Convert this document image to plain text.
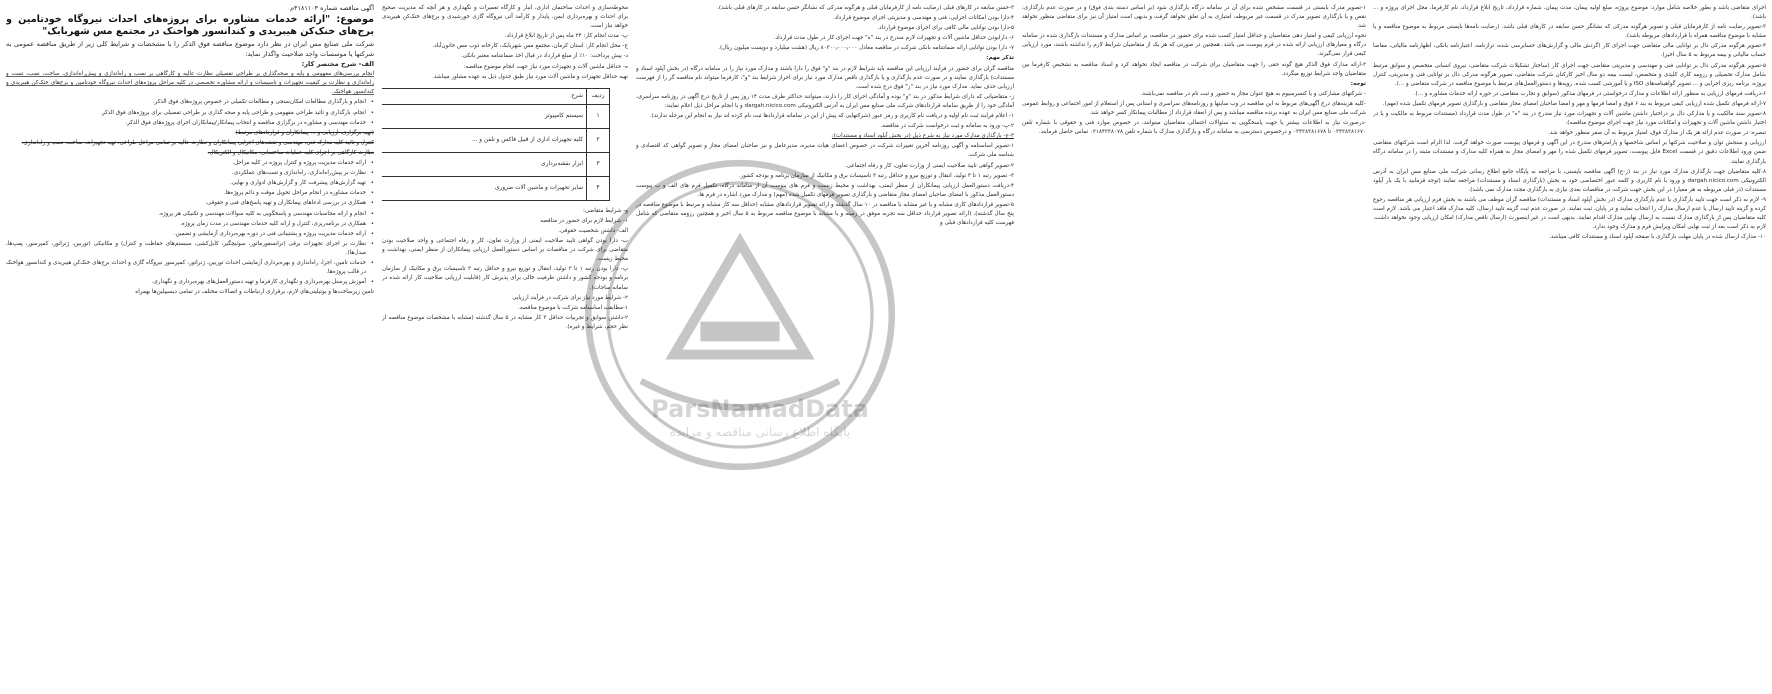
ParsNamadData
پایگاه اطلاع رسانی مناقصه و مزایده

اجرای متقاضی باشد و بطور خلاصه شامل موارد: موضوع پروژه، مبلغ اولیه پیمان، مدت پیمان، شماره قرارداد، تاریخ ابلاغ قرارداد، نام کارفرما، محل اجرای پروژه و ... باشد).

۳-تصویر رضایت نامه از کارفرمایان قبلی و تصویر هرگونه مدرکی که نشانگر حسن سابقه در کارهای قبلی باشد. (رضایت نامه‌ها بایستی مربوط به موضوع مناقصه و یا مشابه با موضوع مناقصه همراه با قراردادهای مربوطه باشد).

۴-تصویر هرگونه مدرکی دال بر توانایی مالی متقاضی جهت اجرای کار (گردش مالی و گزارش‌های حسابرسی شده، ترازنامه، اعتبارنامه بانکی، اظهارنامه مالیاتی، مفاصا حساب مالیاتی و بیمه مربوط به ۵ سال اخیر).

۵-تصویر هرگونه مدرکی دال بر توانایی فنی و مهندسی و مدیریتی متقاضی جهت اجرای کار (ساختار تشکیلات شرکت متقاضی، نیروی انسانی متخصص و سوابق مرتبط شامل مدارک تحصیلی و رزومه کاری کلیدی و متخصص، لیست بیمه دو سال اخیر کارکنان شرکت متقاضی، تصویر هرگونه مدرکی دال بر توانایی فنی و مدیریتی، کنترل پروژه، برنامه ریزی اجرایی و ... تصویر گواهینامه‌های ISO و یا آموزشی کسب شده، رویه‌ها و دستورالعمل‌های مرتبط با موضوع مناقصه در شرکت متقاضی و ...).

۶-دریافت فرمهای ارزیابی به منظور ارائه اطلاعات و مدارک درخواستی در فرمهای مذکور (سوابق و تجارب متقاضی در حوزه ارائه خدمات مشاوره و ...).

۷-ارائه فرمهای تکمیل شده ارزیابی کیفی مربوط به بند ۶ فوق و امضا فرمها و مهر و امضا صاحبان امضای مجاز متقاضی و بارگذاری تصویر فرمهای تکمیل شده (مهم).

۸-تصویر سند مالکیت و یا مدارکی دال بر دراختیار داشتن ماشین آلات و تجهیزات مورد نیاز مندرج در بند "ه" در طول مدت قرارداد (مستندات مربوط به مالکیت و یا در اختیار داشتن ماشین آلات و تجهیزات و امکانات مورد نیاز جهت اجرای موضوع مناقصه).

تبصره: در صورت عدم ارائه هر یک از مدارک فوق، امتیاز مربوط به آن صفر منظور خواهد شد.

ارزیابی و سنجش توان و صلاحیت شرکتها بر اساس شاخصها و پارامترهای مندرج در این آگهی و فرمهای پیوست صورت خواهد گرفت. لذا الزام است شرکتهای متقاضی ضمن ورود اطلاعات دقیق در قسمت Excel فایل پیوست، تصویر فرمهای تکمیل شده را مهر و امضای مجاز به همراه کلیه مدارک و مستندات مثبته را در سامانه درگاه بارگذاری نمایند.

۸-کلیه متقاضیان جهت بارگذاری مدارک مورد نیاز در بند (ز-ح) آگهی مناقصه بایستی، با مراجعه به پایگاه جامع اطلاع رسانی شرکت ملی صنایع مس ایران به آدرس الکترونیکی dargah.nicico.com و ورود با نام کاربری و کلمه عبور اختصاصی خود به بخش (بارگذاری اسناد و مستندات) مراجعه نمایند (توجه فرمایید با یک بار آپلود مستندات (در قبلی مربوطه به هر معیار) در این بخش جهت شرکت در مناقصات بعدی نیازی به بارگذاری مجدد مدارک نمی باشد).

۹- لازم به ذکر است جهت تایید بارگذاری یا عدم بارگذاری مدارک (در بخش آپلود اسناد و مستندات) مناقصه گران موظف می باشند به بخش فرم ارزیابی هر مناقصه رجوع کرده و گزینه تایید ارسال یا عدم ارسال مدارک را انتخاب نمایند و در پایان، ثبت نمایند. در صورت عدم ثبت گزینه تایید ارسال، کلیه مدارک فاقد اعتبار می باشد. لازم است کلیه متقاضیان پس از بارگذاری مدارک نسبت به ارسال نهایی مدارک اقدام نمایند. بدیهی است در غیر اینصورت (ارسال ناقص مدارک) امکان ارزیابی وجود نخواهد داشت. لازم به ذکر است بعد از ثبت نهایی امکان ویرایش فرم و مدارک وجود ندارد.

۱۰- مدارک ارسال شده در پایان مهلت بارگذاری با صفحه آپلود اسناد و مستندات کافی میباشد.

۱-تصویر مدرک بایستی در قسمت مشخص شده برای آن در سامانه درگاه بارگذاری شود (بر اساس دسته بندی فوق) و در صورت عدم بارگذاری، نقص و یا بارگذاری تصویر مدرک در قسمت غیر مربوطه، امتیازی به آن تعلق نخواهد گرفت و بدیهی است امتیاز آن نیز برای متقاضی منظور نخواهد شد.

نحوه ارزیابی کیفی و امتیاز دهی متقاضیان و حداقل امتیاز کسب شده برای حضور در مناقصه، بر اساس مدارک و مستندات بارگذاری شده در سامانه درگاه و معیارهای ارزیابی ارائه شده در فرم پیوست می باشد. همچنین در صورتی که هر یک از متقاضیان شرایط لازم را نداشته باشند، مورد ارزیابی کیفی قرار نمی‌گیرند.

۲-ارائه مدارک فوق الذکر هیچ گونه حقی را جهت متقاضیان برای شرکت در مناقصه ایجاد نخواهد کرد و اسناد مناقصه به تشخیص کارفرما بین متقاضیان واجد شرایط توزیع میگردد.

توجه:

- شرکتهای مشارکتی و یا کنسرسیوم به هیچ عنوان مجاز به حضور و ثبت نام در مناقصه نمی‌باشند.

-کلیه هزینه‌های درج آگهی‌های مربوط به این مناقصه در وب سایتها و روزنامه‌های سراسری و استانی پس از استعلام از امور اجتماعی و روابط عمومی شرکت ملی صنایع مس ایران به عهده برنده مناقصه میباشد و پس از انعقاد قرارداد از مطالبات پیمانکار کسر خواهد شد.

-درصورت نیاز به اطلاعات بیشتر یا جهت پاسخگویی به سئوالات احتمالی متقاضیان میتوانند، در خصوص موارد فنی و حقوقی با شماره تلفن ۰۳۴۳۸۳۸۱۶۷۰ تا ۰۳۴۳۸۳۸۱۶۷۸ و درخصوص دسترسی به سامانه درگاه و بارگذاری مدارک با شماره تلفن ۰۲۱۸۴۲۳۸۰۷۸ تماس حاصل فرمایند.

۳-حسن سابقه در کارهای قبلی (رضایت نامه از کارفرمایان قبلی و هرگونه مدرکی که نشانگر حسن سابقه در کارهای قبلی باشد).

۴-دارا بودن امکانات اجرایی، فنی و مهندسی و مدیریتی اجرای موضوع قرارداد.

۵-دارا بودن توانایی مالی کافی برای اجرای موضوع قرارداد.

۶- دارابودن حداقل ماشین آلات و تجهیزات لازم مندرج در بند "ه" جهت اجرای کار در طول مدت قرارداد.

۷- دارا بودن توانایی ارائه ضمانتنامه بانکی شرکت در مناقصه معادل ۸۰۳۰۰٫۰۰۰٫۰۰۰ ریال (هشت میلیارد و دویست میلیون ریال).

تذکر مهم:

مناقصه گران برای حضور در فرآیند ارزیابی این مناقصه باید شرایط لازم در بند "و" فوق را دارا باشند و مدارک مورد نیاز را در سامانه درگاه (در بخش آپلود اسناد و مستندات) بارگذاری نمایند و در صورت عدم بارگذاری و یا بارگذاری ناقص مدارک مورد نیاز برای احراز شرایط بند "و"، کارفرما میتواند نام مناقصه گر را از فهرست ارزیابی حذف نماید. مدارک مورد نیاز در بند "ز" فوق درج شده است.

ز- متقاضیانی که دارای شرایط مذکور در بند "و" بوده و آمادگی اجرای کار را دارند، میتوانند حداکثر ظرف مدت ۱۴ روز پس از تاریخ درج آگهی در روزنامه سراسری، آمادگی خود را از طریق سامانه قراردادهای شرکت ملی صنایع مس ایران به آدرس الکترونیکی dargah.nicico.com و با انجام مراحل ذیل اعلام نمایند:

۱- اعلام فرایند ثبت نام اولیه و دریافت نام کاربری و رمز عبور (شرکتهایی که پیش از این در سامانه قراردادها ثبت نام کرده اند نیاز به انجام این مرحله ندارند).

۲-پ- ورود به سامانه و ثبت درخواست شرکت در مناقصه.

۳-ج- بارگذاری مدارک مورد نیاز به شرح ذیل (در بخش آپلود اسناد و مستندات):

۱-تصویر اساسنامه و آگهی روزنامه آخرین تغییرات شرکت در خصوص اعضای هیات مدیره، مدیرعامل و نیز صاحبان امضای مجاز و تصویر گواهی کد اقتصادی و شناسه ملی شرکت.

۲-تصویر گواهی تایید صلاحیت ایمنی از وزارت تعاون، کار و رفاه اجتماعی.

۳- تصویر رتبه ۱ تا ۳ تولید، انتقال و توزیع نیرو و حداقل رتبه ۳ تاسیسات برق و مکانیک از سازمان برنامه و بودجه کشور.

۴-دریافت دستورالعمل ارزیابی پیمانکاران از منظر ایمنی، بهداشت و محیط زیست و فرم های پیوست آن از سامانه درگاه، تکمیل فرم های الف و ب پیوست دستورالعمل مذکور با امضای صاحبان امضای مجاز متقاضی و بارگذاری تصویر فرمهای تکمیل شده (مهم) و مدارک مورد اشاره در فرم ها.

۵-تصویر قراردادهای کاری مشابه و یا غیر مشابه با مناقصه در ۱۰ سال گذشته و ارائه تصویر قراردادهای مشابه (حداقل سه کار مشابه و مرتبط با موضوع مناقصه در پنج سال گذشته)، (ارائه تصویر قرارداد حداقل سه تجربه موفق در زمینه و یا مشابه با موضوع مناقصه مربوط به ۵ سال اخیر و همچنین رزومه متقاضی که شامل فهرست کلیه قراردادهای قبلی و

محوطه‌سازی و احداث ساختمان اداری، انبار و کارگاه تعمیرات و نگهداری و هر آنچه که مدیریت صحیح برای احداث و بهره‌برداری ایمن، پایدار و کارآمد آتی نیروگاه گازی خورشیدی و برج‌های خنک‌کن هیبریدی خواهد نیاز است.

پ- مدت انجام کار: ۲۴ ماه پس از تاریخ ابلاغ قرارداد.

ج- محل انجام کار: استان کرمان، مجتمع مس شهربابک، کارخانه ذوب مس خاتون‌آباد.

د- پیش پرداخت: ۱۰٪ از مبلغ قرارداد در قبال اخذ ضمانتنامه معتبر بانکی.

ه- حداقل ماشین آلات و تجهیزات مورد نیاز جهت انجام موضوع مناقصه:

تهیه حداقل تجهیزات و ماشین آلات مورد نیاز طبق جدول ذیل به عهده مشاور میباشد.

ردیف	شرح		
۱	سیستم کامپیوتر		
۲	کلیه تجهیزات اداری از قبیل فاکس و تلفن و ...		
۳	ابزار نقشه‌برداری		
۴	سایر تجهیزات و ماشین آلات ضروری		

و- شرایط متقاضی:

۱- شرایط لازم برای حضور در مناقصه

الف- داشتن شخصیت حقوقی.

ب- دارا بودن گواهی تایید صلاحیت ایمنی از وزارت تعاون، کار و رفاه اجتماعی و واجد صلاحیت بودن متقاضی برای شرکت در مناقصات بر اساس دستورالعمل ارزیابی پیمانکاران از منظر ایمنی، بهداشت و محیط زیست.

پ- دارا بودن رتبه ۱ تا ۳ تولید، انتقال و توزیع نیرو و حداقل رتبه ۳ تاسیسات برق و مکانیک از سازمان برنامه و بودجه کشور و داشتن ظرفیت خالی برای پذیرش کار (قابلیت ارزیابی صلاحیت کار ارائه شده در سامانه ساجات).

۲- شرایط مورد نیاز برای شرکت در فرآیند ارزیابی

۱-مطابقت اساسنامه شرکت با موضوع مناقصه.

۲-داشتن سوابق و تجربیات حداقل ۳ کار مشابه در ۵ سال گذشته (مشابه با مشخصات موضوع مناقصه از نظر حجم، شرایط و غیره).

آگهی مناقصه شماره ۴۱۸۱۱۰۳م

موضوع: "ارائه خدمات مشاوره برای پروژه‌های احداث نیروگاه خودتامین و برج‌های خنک‌کن هیبریدی و کندانسور هواخنک در مجتمع مس شهربابک"

شرکت ملی صنایع مس ایران در نظر دارد موضوع مناقصه فوق الذکر را با مشخصات و شرایط کلی زیر از طریق مناقصه عمومی به شرکتها یا موسسات واجد صلاحیت واگذار نماید:

الف- شرح مختصر کار:

انجام بررسی‌های مفهومی و پایه و صحه‌گذاری بر طراحی تفصیلی نظارت عالیه و کارگاهی بر نصب و راه‌اندازی و پیش‌راه‌اندازی، ساخت، نصب، تست و راه‌اندازی و نظارت بر کیفیت تجهیزات و تاسیسات و ارائه مشاوره تخصصی در کلیه مراحل پروژه‌های احداث نیروگاه خودتامین و برج‌های خنک‌کن هیبریدی و کندانسور هواخنک.

• انجام و بارگذاری مطالعات امکان‌سنجی و مطالعات تکمیلی در خصوص پروژه‌های فوق الذکر.

• انجام، بارگذاری و تائید طراحی مفهومی و طراحی پایه و صحه گذاری بر طراحی تفصیلی برای پروژه‌های فوق الذکر.

• خدمات مهندسی و مشاوره در برگزاری مناقصه و انتخاب پیمانکار/پیمانکاران اجرای پروژه‌های فوق الذکر.

(تهیه برگزاری، ارزیابی و ... پیمانکاران و قراردادهای مرتبط)

کنترل و تائید کلیه مدارک فنی، مهندسی و نقشه‌های اجرایی پیمانکاران و نظارت عالیه بر تمامی مراحل طراحی، تهیه تجهیزات، ساخت، نصب و راه‌اندازی.

نظارت کارگاهی بر اجرای کلیه عملیات ساختمانی، مکانیکال و الکتریکال.

• ارائه خدمات مدیریت پروژه و کنترل پروژه در کلیه مراحل.

• نظارت بر پیش‌راه‌اندازی، راه‌اندازی و تست‌های عملکردی.

• تهیه گزارش‌های پیشرفت کار و گزارش‌های ادواری و نهایی.

• خدمات مشاوره در انجام مراحل تحویل موقت و دائم پروژه‌ها.

• همکاری در بررسی ادعاهای پیمانکاران و تهیه پاسخ‌های فنی و حقوقی.

• انجام و ارائه مجاسبات مهندسی و پاسخگویی به کلیه سوالات مهندسی و تکنیکی هر پروژه.

• همکاری در برنامه‌ریزی، کنترل و ارائه کلیه خدمات مهندسی در مدت زمان پروژه.

• ارائه خدمات مدیریت پروژه و پشتیبانی فنی در دوره بهره‌برداری آزمایشی و تضمین.

• نظارت بر اجرای تجهیزات برقی (ترانسفورماتور، سوئیچگیر، کابل‌کشی، سیستم‌های حفاظت و کنترل) و مکانیکی (توربین، ژنراتور، کمپرسور، پمپ‌ها، مبدل‌ها).

• خدمات تامین، اجرا، راه‌اندازی و بهره‌برداری آزمایشی احداث توربین، ژنراتور، کمپرسور نیروگاه گازی و احداث برج‌های خنک‌کن هیبریدی و کندانسور هواخنک در قالب پروژه‌ها.

• آموزش پرسنل بهره‌برداری و نگهداری کارفرما و تهیه دستورالعمل‌های بهره‌برداری و نگهداری.

تامین زیرساخت‌ها و یوتیلیتی‌های لازم، برقراری ارتباطات و اتصالات مختلف در تمامی دیسیپلین‌ها بهمراه
